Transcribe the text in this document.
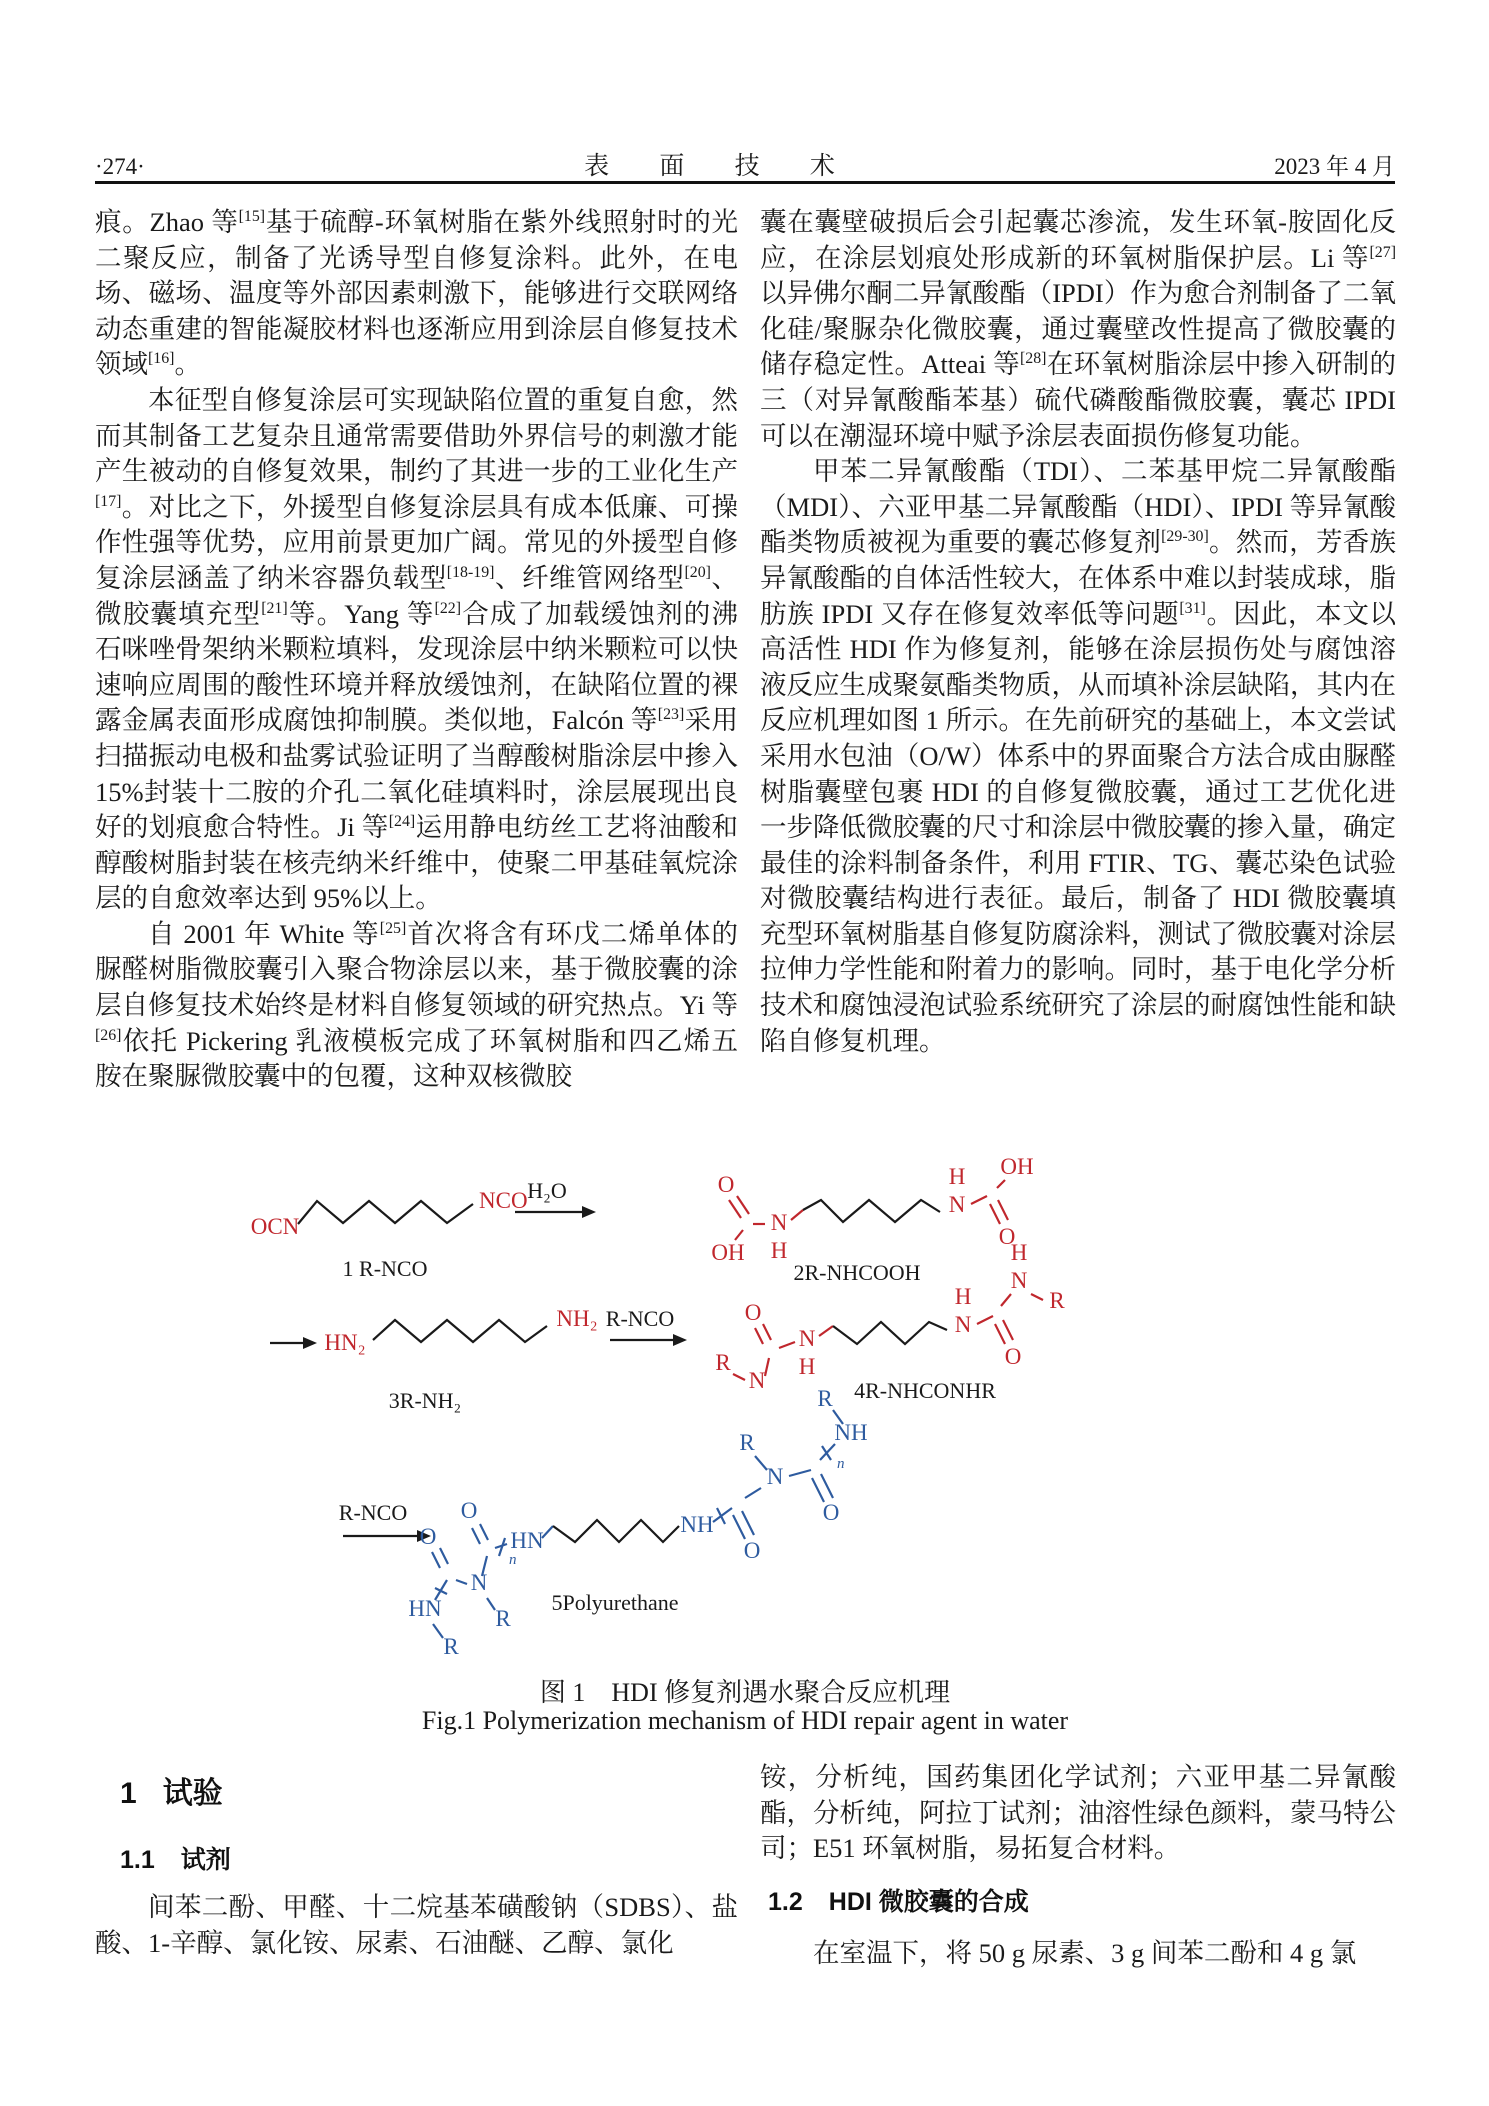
·274·	表 面 技 术	2023 年 4 月

痕。Zhao 等[15]基于硫醇-环氧树脂在紫外线照射时的光二聚反应，制备了光诱导型自修复涂料。此外，在电场、磁场、温度等外部因素刺激下，能够进行交联网络动态重建的智能凝胶材料也逐渐应用到涂层自修复技术领域[16]。

本征型自修复涂层可实现缺陷位置的重复自愈，然而其制备工艺复杂且通常需要借助外界信号的刺激才能产生被动的自修复效果，制约了其进一步的工业化生产[17]。对比之下，外援型自修复涂层具有成本低廉、可操作性强等优势，应用前景更加广阔。常见的外援型自修复涂层涵盖了纳米容器负载型[18-19]、纤维管网络型[20]、微胶囊填充型[21]等。Yang 等[22]合成了加载缓蚀剂的沸石咪唑骨架纳米颗粒填料，发现涂层中纳米颗粒可以快速响应周围的酸性环境并释放缓蚀剂，在缺陷位置的裸露金属表面形成腐蚀抑制膜。类似地，Falcón 等[23]采用扫描振动电极和盐雾试验证明了当醇酸树脂涂层中掺入 15%封装十二胺的介孔二氧化硅填料时，涂层展现出良好的划痕愈合特性。Ji 等[24]运用静电纺丝工艺将油酸和醇酸树脂封装在核壳纳米纤维中，使聚二甲基硅氧烷涂层的自愈效率达到 95%以上。

自 2001 年 White 等[25]首次将含有环戊二烯单体的脲醛树脂微胶囊引入聚合物涂层以来，基于微胶囊的涂层自修复技术始终是材料自修复领域的研究热点。Yi 等[26]依托 Pickering 乳液模板完成了环氧树脂和四乙烯五胺在聚脲微胶囊中的包覆，这种双核微胶

囊在囊壁破损后会引起囊芯渗流，发生环氧-胺固化反应，在涂层划痕处形成新的环氧树脂保护层。Li 等[27]以异佛尔酮二异氰酸酯（IPDI）作为愈合剂制备了二氧化硅/聚脲杂化微胶囊，通过囊壁改性提高了微胶囊的储存稳定性。Atteai 等[28]在环氧树脂涂层中掺入研制的三（对异氰酸酯苯基）硫代磷酸酯微胶囊，囊芯 IPDI 可以在潮湿环境中赋予涂层表面损伤修复功能。

甲苯二异氰酸酯（TDI）、二苯基甲烷二异氰酸酯（MDI）、六亚甲基二异氰酸酯（HDI）、IPDI 等异氰酸酯类物质被视为重要的囊芯修复剂[29-30]。然而，芳香族异氰酸酯的自体活性较大，在体系中难以封装成球，脂肪族 IPDI 又存在修复效率低等问题[31]。因此，本文以高活性 HDI 作为修复剂，能够在涂层损伤处与腐蚀溶液反应生成聚氨酯类物质，从而填补涂层缺陷，其内在反应机理如图 1 所示。在先前研究的基础上，本文尝试采用水包油（O/W）体系中的界面聚合方法合成由脲醛树脂囊壁包裹 HDI 的自修复微胶囊，通过工艺优化进一步降低微胶囊的尺寸和涂层中微胶囊的掺入量，确定最佳的涂料制备条件，利用 FTIR、TG、囊芯染色试验对微胶囊结构进行表征。最后，制备了 HDI 微胶囊填充型环氧树脂基自修复防腐涂料，测试了微胶囊对涂层拉伸力学性能和附着力的影响。同时，基于电化学分析技术和腐蚀浸泡试验系统研究了涂层的耐腐蚀性能和缺陷自修复机理。

OCN
NCO
1 R-NCO
H₂O	O
OH
N
H
H
N
OH
O
2R-NHCOOH
HN₂
NH₂
3R-NH₂
R-NCO	O
R
N
N
H
H
N
O
N
H
R
4R-NHCONHR
R-NCO
HN
R
O
N
R
O
n
HN
NH
O
N
R
O
n
NH
R
5Polyurethane
图 1　HDI 修复剂遇水聚合反应机理
Fig.1 Polymerization mechanism of HDI repair agent in water
1 试验
1.1 试剂
间苯二酚、甲醛、十二烷基苯磺酸钠（SDBS）、盐酸、1-辛醇、氯化铵、尿素、石油醚、乙醇、氯化
铵，分析纯，国药集团化学试剂；六亚甲基二异氰酸酯，分析纯，阿拉丁试剂；油溶性绿色颜料，蒙马特公司；E51 环氧树脂，易拓复合材料。
1.2 HDI 微胶囊的合成
在室温下，将 50 g 尿素、3 g 间苯二酚和 4 g 氯
